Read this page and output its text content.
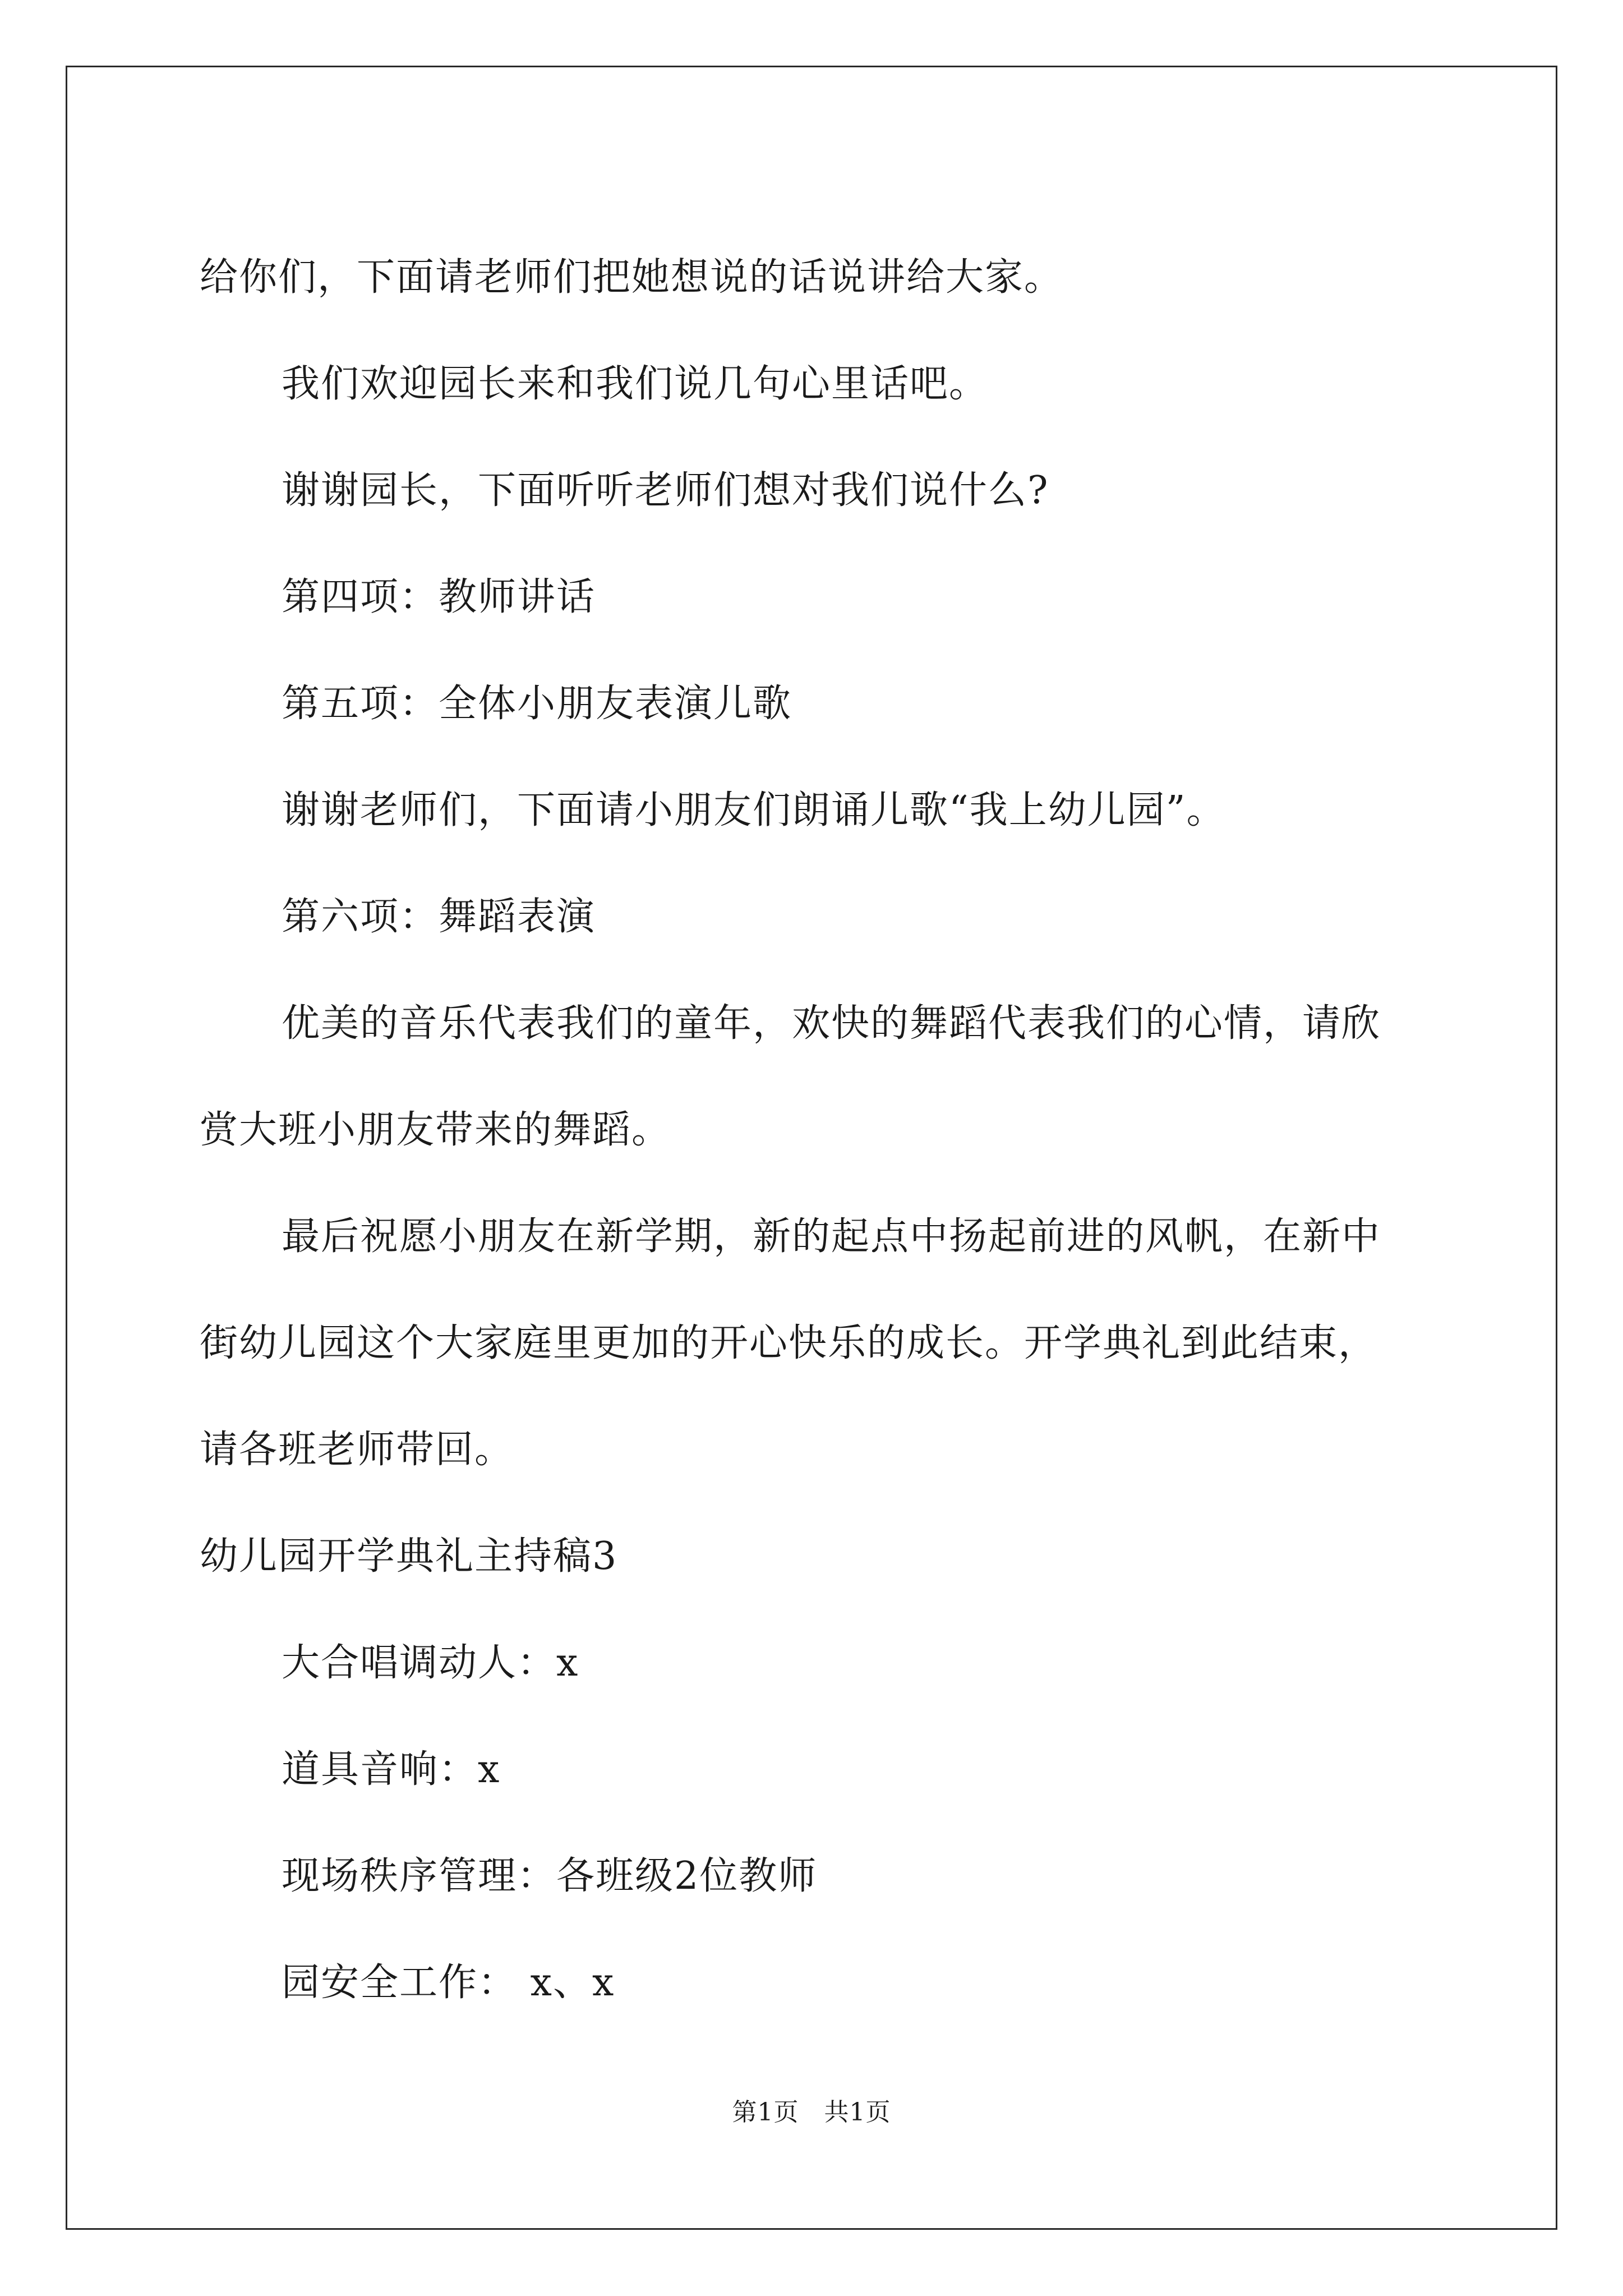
给你们，下面请老师们把她想说的话说讲给大家。

我们欢迎园长来和我们说几句心里话吧。

谢谢园长，下面听听老师们想对我们说什么?

第四项：教师讲话

第五项：全体小朋友表演儿歌

谢谢老师们，下面请小朋友们朗诵儿歌“我上幼儿园”。

第六项：舞蹈表演

优美的音乐代表我们的童年，欢快的舞蹈代表我们的心情，请欣

赏大班小朋友带来的舞蹈。

最后祝愿小朋友在新学期，新的起点中扬起前进的风帆，在新中

街幼儿园这个大家庭里更加的开心快乐的成长。开学典礼到此结束，

请各班老师带回。

幼儿园开学典礼主持稿3

大合唱调动人：x

道具音响：x

现场秩序管理：各班级2位教师

园安全工作： x、x

第1页　共1页
